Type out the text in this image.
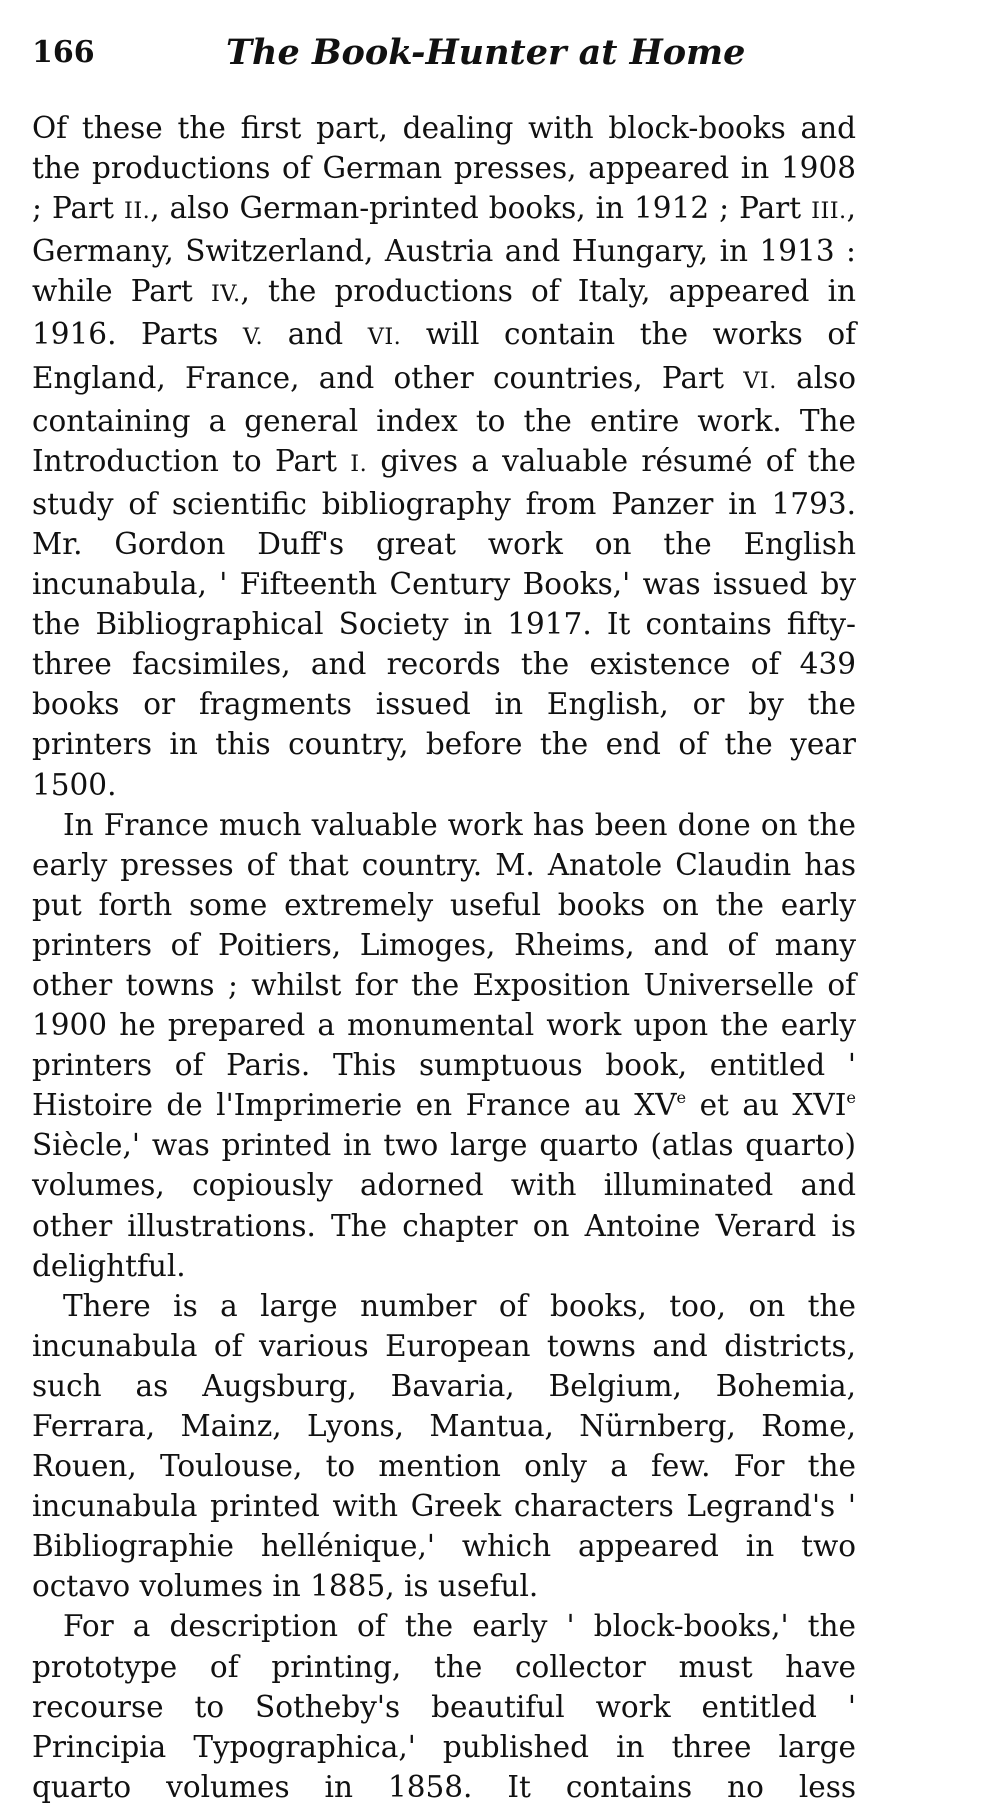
166	The Book-Hunter at Home

Of these the first part, dealing with block-books and the productions of German presses, appeared in 1908 ; Part II., also German-printed books, in 1912 ; Part III., Germany, Switzerland, Austria and Hungary, in 1913 : while Part IV., the productions of Italy, appeared in 1916. Parts V. and VI. will contain the works of England, France, and other countries, Part VI. also containing a general index to the entire work. The Introduction to Part I. gives a valuable résumé of the study of scientific bibliography from Panzer in 1793. Mr. Gordon Duff's great work on the English incunabula, ' Fifteenth Century Books,' was issued by the Bibliographical Society in 1917. It contains fifty-three facsimiles, and records the existence of 439 books or fragments issued in English, or by the printers in this country, before the end of the year 1500.

In France much valuable work has been done on the early presses of that country. M. Anatole Claudin has put forth some extremely useful books on the early printers of Poitiers, Limoges, Rheims, and of many other towns ; whilst for the Exposition Universelle of 1900 he prepared a monumental work upon the early printers of Paris. This sumptuous book, entitled ' Histoire de l'Imprimerie en France au XVe et au XVIe Siècle,' was printed in two large quarto (atlas quarto) volumes, copiously adorned with illuminated and other illustrations. The chapter on Antoine Verard is delightful.

There is a large number of books, too, on the incunabula of various European towns and districts, such as Augsburg, Bavaria, Belgium, Bohemia, Ferrara, Mainz, Lyons, Mantua, Nürnberg, Rome, Rouen, Toulouse, to mention only a few. For the incunabula printed with Greek characters Legrand's ' Bibliographie hellénique,' which appeared in two octavo volumes in 1885, is useful.

For a description of the early ' block-books,' the prototype of printing, the collector must have recourse to Sotheby's beautiful work entitled ' Principia Typographica,' published in three large quarto volumes in 1858. It contains no less
